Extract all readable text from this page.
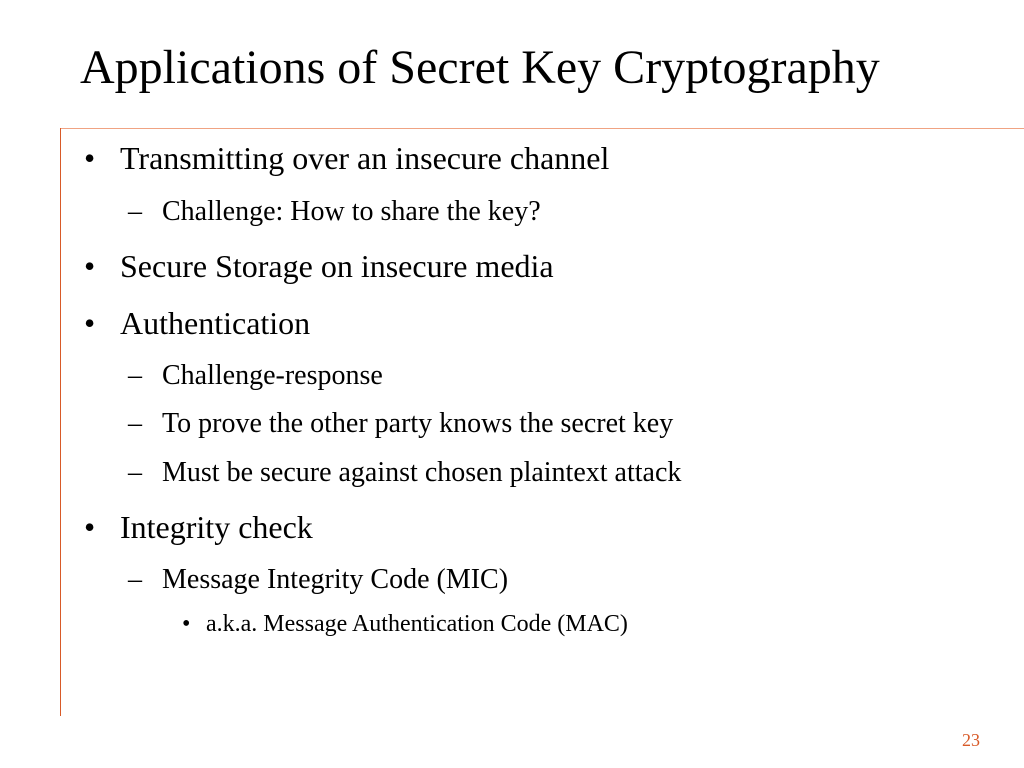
Applications of Secret Key Cryptography
• Transmitting over an insecure channel
– Challenge: How to share the key?
• Secure Storage on insecure media
• Authentication
– Challenge-response
– To prove the other party knows the secret key
– Must be secure against chosen plaintext attack
• Integrity check
– Message Integrity Code (MIC)
• a.k.a. Message Authentication Code (MAC)
23
